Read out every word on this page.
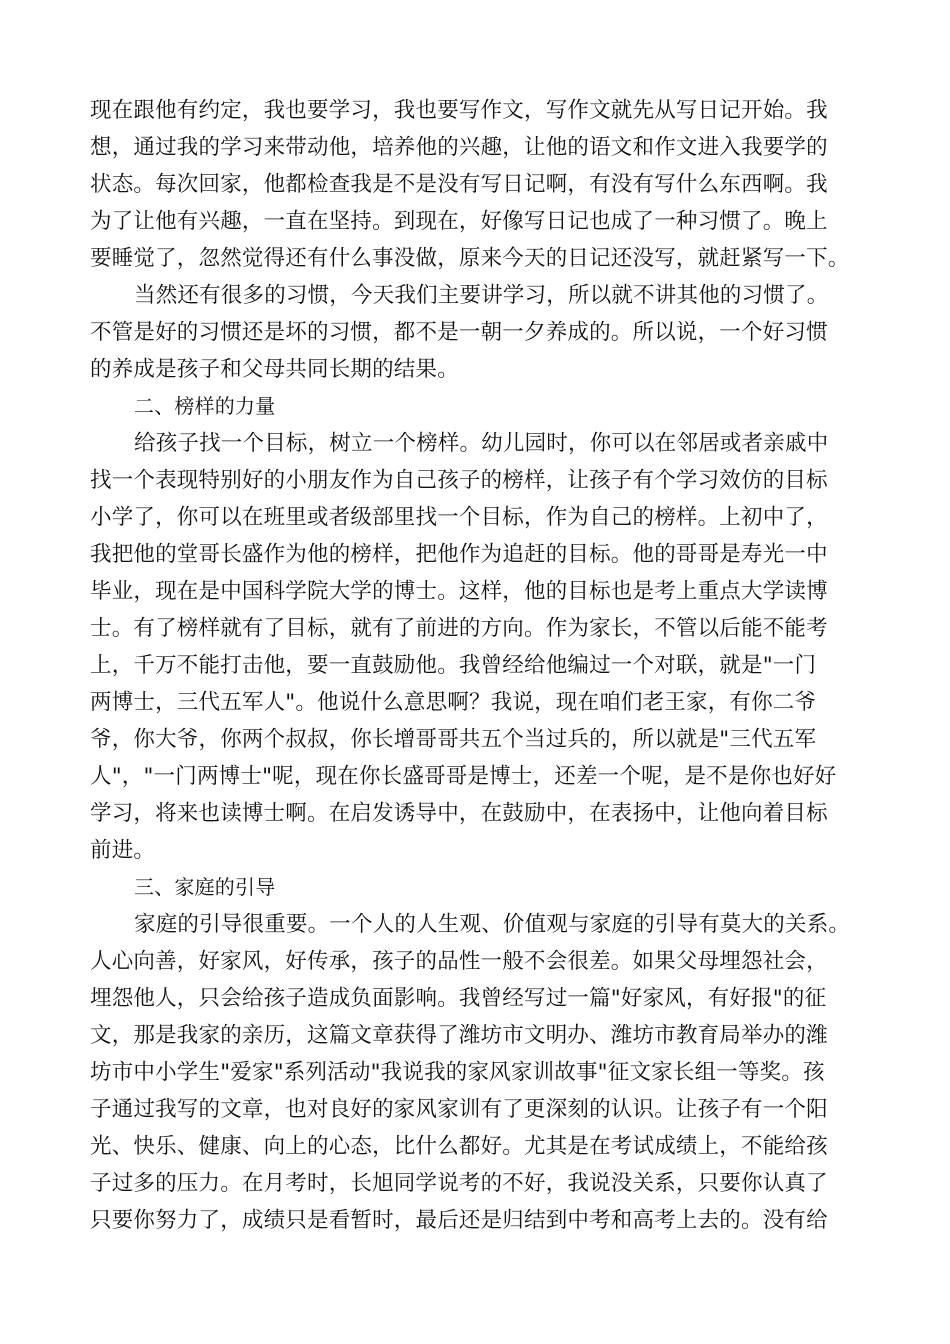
现在跟他有约定，我也要学习，我也要写作文，写作文就先从写日记开始。我
想，通过我的学习来带动他，培养他的兴趣，让他的语文和作文进入我要学的
状态。每次回家，他都检查我是不是没有写日记啊，有没有写什么东西啊。我
为了让他有兴趣，一直在坚持。到现在，好像写日记也成了一种习惯了。晚上
要睡觉了，忽然觉得还有什么事没做，原来今天的日记还没写，就赶紧写一下。
当然还有很多的习惯，今天我们主要讲学习，所以就不讲其他的习惯了。
不管是好的习惯还是坏的习惯，都不是一朝一夕养成的。所以说，一个好习惯
的养成是孩子和父母共同长期的结果。
二、榜样的力量
给孩子找一个目标，树立一个榜样。幼儿园时，你可以在邻居或者亲戚中
找一个表现特别好的小朋友作为自己孩子的榜样，让孩子有个学习效仿的目标
小学了，你可以在班里或者级部里找一个目标，作为自己的榜样。上初中了，
我把他的堂哥长盛作为他的榜样，把他作为追赶的目标。他的哥哥是寿光一中
毕业，现在是中国科学院大学的博士。这样，他的目标也是考上重点大学读博
士。有了榜样就有了目标，就有了前进的方向。作为家长，不管以后能不能考
上，千万不能打击他，要一直鼓励他。我曾经给他编过一个对联，就是"一门
两博士，三代五军人"。他说什么意思啊？我说，现在咱们老王家，有你二爷
爷，你大爷，你两个叔叔，你长增哥哥共五个当过兵的，所以就是"三代五军
人"，"一门两博士"呢，现在你长盛哥哥是博士，还差一个呢，是不是你也好好
学习，将来也读博士啊。在启发诱导中，在鼓励中，在表扬中，让他向着目标
前进。
三、家庭的引导
家庭的引导很重要。一个人的人生观、价值观与家庭的引导有莫大的关系。
人心向善，好家风，好传承，孩子的品性一般不会很差。如果父母埋怨社会，
埋怨他人，只会给孩子造成负面影响。我曾经写过一篇"好家风，有好报"的征
文，那是我家的亲历，这篇文章获得了潍坊市文明办、潍坊市教育局举办的潍
坊市中小学生"爱家"系列活动"我说我的家风家训故事"征文家长组一等奖。孩
子通过我写的文章，也对良好的家风家训有了更深刻的认识。让孩子有一个阳
光、快乐、健康、向上的心态，比什么都好。尤其是在考试成绩上，不能给孩
子过多的压力。在月考时，长旭同学说考的不好，我说没关系，只要你认真了
只要你努力了，成绩只是看暂时，最后还是归结到中考和高考上去的。没有给
